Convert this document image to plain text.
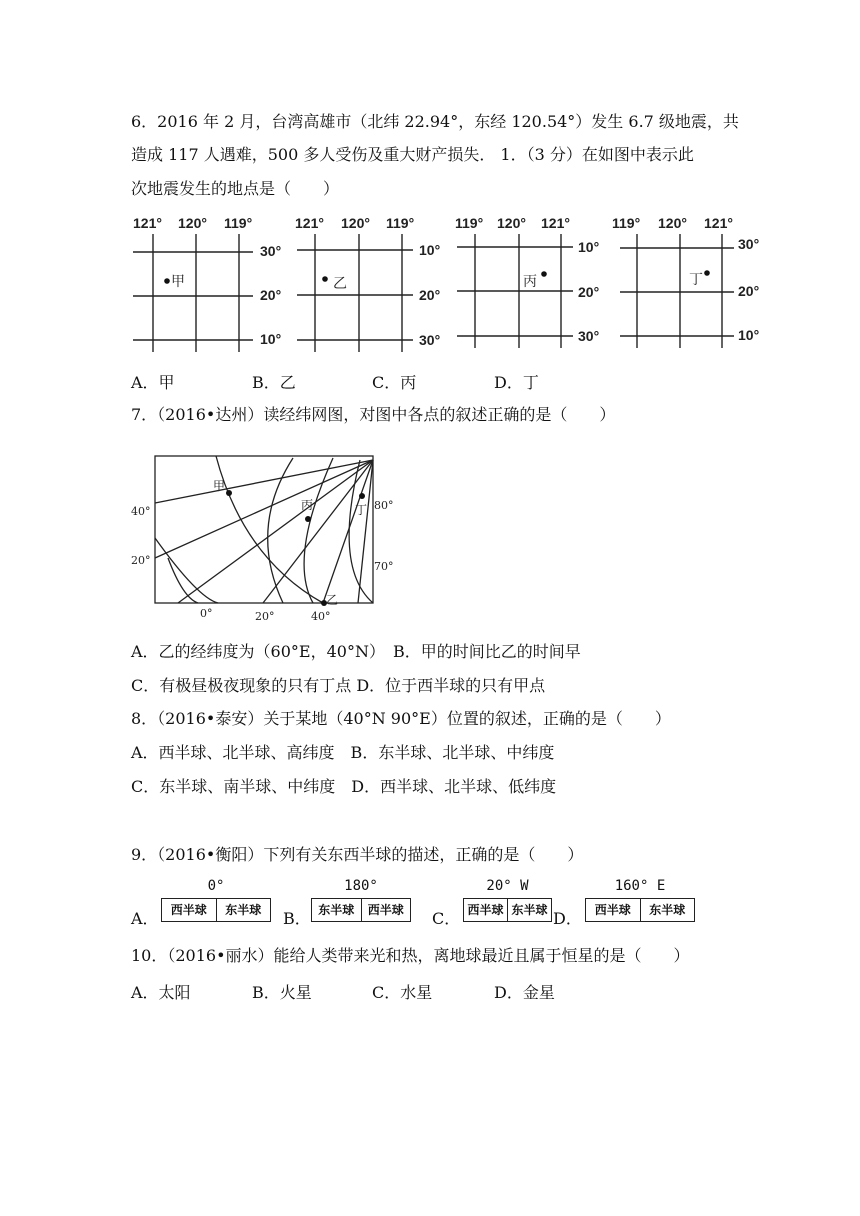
6．2016 年 2 月，台湾高雄市（北纬 22.94°，东经 120.54°）发生 6.7 级地震，共
造成 117 人遇难，500 多人受伤及重大财产损失． 1．（3 分）在如图中表示此
次地震发生的地点是（　　）
121° 120° 119°
30°
20°
10°
甲
121° 120° 119°
10°
20°
30°
乙
119° 120° 121°
10°
20°
30°
丙
119° 120° 121°
30°
20°
10°
丁
A．甲	B．乙	C．丙	D．丁
7．（2016•达州）读经纬网图，对图中各点的叙述正确的是（　　）
甲
丙	丁
乙
40°
20°
80°
70°
0°	20°	40°
A．乙的经纬度为（60°E，40°N）　B．甲的时间比乙的时间早
C．有极昼极夜现象的只有丁点 D．位于西半球的只有甲点
8．（2016•泰安）关于某地（40°N 90°E）位置的叙述，正确的是（　　）
A．西半球、北半球、高纬度　B．东半球、北半球、中纬度
C．东半球、南半球、中纬度　D．西半球、北半球、低纬度
9．（2016•衡阳）下列有关东西半球的描述，正确的是（　　）
A．
0°
西半球	东半球	B．
180°
东半球	西半球	C．
20° W
西半球 东半球 D．
160° E
西半球	东半球
10．（2016•丽水）能给人类带来光和热，离地球最近且属于恒星的是（　　）
A．太阳	B．火星	C．水星	D．金星
